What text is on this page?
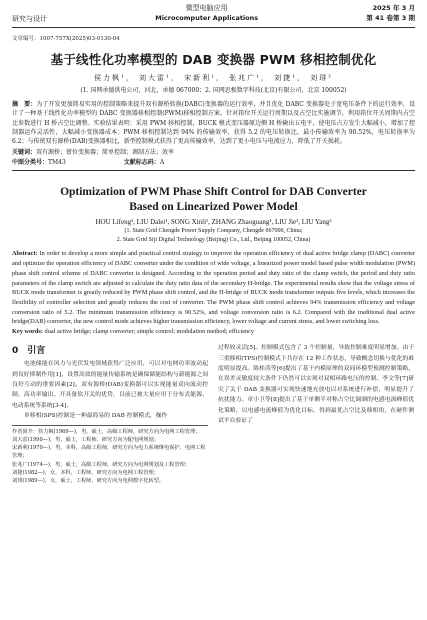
研究与设计
微型电脑应用
Microcomputer Applications
2025 年 3 月
第 41 卷第 3 期
文章编号：1007-757X(2025)03-0130-04
基于线性化功率模型的 DAB 变换器 PWM 移相控制优化
侯力枫¹， 刘大雷¹， 宋新利¹， 张兆广¹， 刘捷¹， 刘琲²
(1. 国网承德供电公司，河北，承德 067000；2. 国网思极数字科技(北京)有限公司，北京 100052)
摘　要：为了开发更加简易实用的控制策略来提升双有源桥转换(DABC)变换器的运行效率，并且优化 DABC 变换器处于宽电压条件下的运行效率，设计了一种基于线性化功率模型的 DABC 变换器移相控制(PWM)移相控制方案。针对箝位开关运行周期以及占空比实施调节，利用箝位开关周期内占空比参数进行 H 桥占空比调整。实验结果表明：采用 PWM 移相控制，BUCK 模式变压器原边侧 H 桥输出五电平，使电压占方发生大幅减小，增加了控制器运作灵活性，大幅减小变换器成本；PWM 移相控制达到 94% 的传输效率，获得 5.2 的电压转换比，最小传输效率为 90.52%，电压转换率为 6.2；与传统双有源桥(DAB)变换器相比，新型控制模式获得了更高传输效率，达到了更小电压与电流应力，降低了开关损耗。
关键词：双有源桥；钳位变换器；简单控制；调制方法；效率
中图分类号：TM43	文献标志码：A
Optimization of PWM Phase Shift Control for DAB Converter
Based on Linearized Power Model
HOU Lifeng¹, LIU Dalei¹, SONG Xinli¹, ZHANG Zhaoguang¹, LIU Jie¹, LIU Yang²
(1. State Grid Chengde Power Supply Company, Chengde 067000, China;
2. State Grid Siji Digital Technology (Beijing) Co., Ltd., Beijing 100052, China)
Abstract: In order to develop a more simple and practical control strategy to improve the operation efficiency of dual active bridge clamp (DABC) converter and optimize the operation efficiency of DABC converter under the condition of wide voltage, a linearized power model based pulse width modulation (PWM) phase shift control scheme of DABC converter is designed. According to the operation period and duty ratio of the clamp switch, the period and duty ratio parameters of the clamp switch are adjusted to calculate the duty ratio data of the secondary H-bridge. The experimental results show that the voltage stress of BUCK mode transformer is greatly reduced by PWM phase shift control, and the H-bridge of BUCK mode transformer outputs five levels, which increases the flexibility of controller selection and greatly reduces the cost of converter. The PWM phase shift control achieves 94% transmission efficiency and voltage conversion ratio of 5.2. The minimum transmission efficiency is 90.52%, and voltage conversion ratio is 6.2. Compared with the traditional dual active bridge(DAB) converter, the new control mode achieves higher transmission efficiency, lower voltage and current stress, and lower switching loss.
Key words: dual active bridge; clamp converter; simple control; modulation method; efficiency
0　引言

电池储能在风力与光伏发电领域获得广泛应用，可以对电网功率波动起到良好抑制作用[1]，设置高效的能量传输系统是确保储能结构与新能源之间良好互动的重要因素[2]。双有源桥(DAB)变换器可以实现能量双向流动控制、高功率输出、开具备软开关的优势，目前已被大量应用于分布式能源、电动系统等系统[3-4]。

单移相(SPS)控制是一种最简易的 DAB 控制模式，操作

作者简介：侯力枫(1969—)，男，硕士，高级工程师，研究方向为电网工程管理；
刘大雷(1990—)，男，硕士，工程师，研究方向为配电网规划；
宋新利(1970—)，男，本科，高级工程师，研究方向为电力系统继电保护、电网工程管理；
张兆广(1974—)，男，硕士，高级工程师，研究方向为电网规划及工程管理；
刘捷(1982—)，女，本科，工程师，研究方向为电网工程管理；
刘琲(1989—)，女，硕士，工程师，研究方向为电网数字化转型。

过程较灵活[5]。控制模式包含了 3 个控制量，导致控制难度明显增加。由于三重移相(TPS)控制模式下共存在 12 种工作状态，导致概念切换与优化的难度明显提高。陈桂涛等[6]提出了基于内模原理的双同环模型预测控制策略，在误差灵敏度较大条件下仍然可以实现对双相环路电压的控制。李文等[7]研究了关于 DAB 变换器可实现快速地充放电以对系统进行补偿，明显提升了抗扰能力。章小卫等[8]提出了基于单侧半对称占空比调制的电感电流峰值优化策略，以电感电流峰值为优化目标，得到最优占空比及移相角，在硬件测试平台验证了
